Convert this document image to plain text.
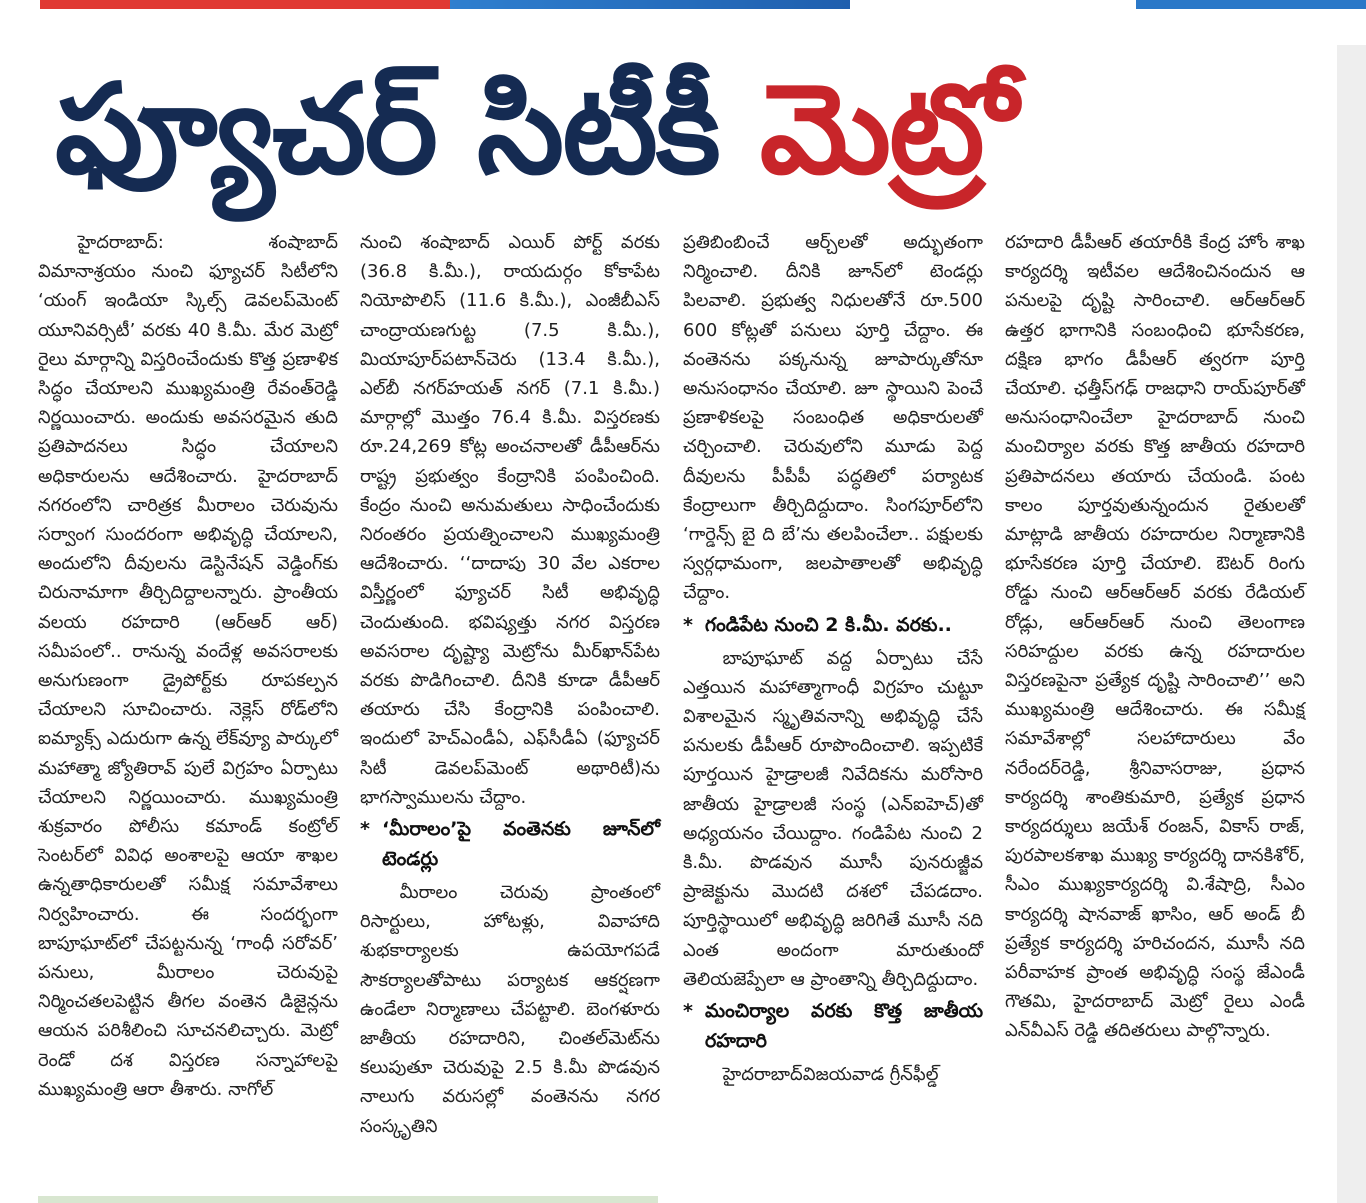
ఫ్యూచర్ సిటీకీ మెట్రో

హైదరాబాద్: శంషాబాద్ విమానాశ్రయం నుంచి ఫ్యూచర్ సిటీలోని ‘యంగ్ ఇండియా స్కిల్స్ డెవలప్‌మెంట్ యూనివర్సిటీ’ వరకు 40 కి.మీ. మేర మెట్రో రైలు మార్గాన్ని విస్తరించేందుకు కొత్త ప్రణాళిక సిద్ధం చేయాలని ముఖ్యమంత్రి రేవంత్‌రెడ్డి నిర్ణయించారు. అందుకు అవసరమైన తుది ప్రతిపాదనలు సిద్ధం చేయాలని అధికారులను ఆదేశించారు. హైదరాబాద్ నగరంలోని చారిత్రక మీరాలం చెరువును సర్వాంగ సుందరంగా అభివృద్ధి చేయాలని, అందులోని దీవులను డెస్టినేషన్ వెడ్డింగ్‌కు చిరునామాగా తీర్చిదిద్దాలన్నారు. ప్రాంతీయ వలయ రహదారి (ఆర్‌ఆర్ ఆర్) సమీపంలో.. రానున్న వందేళ్ల అవసరాలకు అనుగుణంగా డ్రైపోర్ట్‌కు రూపకల్పన చేయాలని సూచించారు. నెక్లెస్ రోడ్‌లోని ఐమ్యాక్స్ ఎదురుగా ఉన్న లేక్‌వ్యూ పార్కులో మహాత్మా జ్యోతిరావ్ పులే విగ్రహం ఏర్పాటు చేయాలని నిర్ణయించారు. ముఖ్యమంత్రి శుక్రవారం పోలీసు కమాండ్ కంట్రోల్ సెంటర్‌లో వివిధ అంశాలపై ఆయా శాఖల ఉన్నతాధికారులతో సమీక్ష సమావేశాలు నిర్వహించారు. ఈ సందర్భంగా బాపూఘాట్‌లో చేపట్టనున్న ‘గాంధీ సరోవర్’ పనులు, మీరాలం చెరువుపై నిర్మించతలపెట్టిన తీగల వంతెన డిజైన్లను ఆయన పరిశీలించి సూచనలిచ్చారు. మెట్రో రెండో దశ విస్తరణ సన్నాహాలపై ముఖ్యమంత్రి ఆరా తీశారు. నాగోల్

నుంచి శంషాబాద్ ఎయిర్ పోర్ట్ వరకు (36.8 కి.మీ.), రాయదుర్గం కోకాపేట నియోపొలిస్ (11.6 కి.మీ.), ఎంజీబీఎస్ చాంద్రాయణగుట్ట (7.5 కి.మీ.), మియాపూర్‌పటాన్‌చెరు (13.4 కి.మీ.), ఎల్‌బీ నగర్‌హయత్ నగర్ (7.1 కి.మీ.) మార్గాల్లో మొత్తం 76.4 కి.మీ. విస్తరణకు రూ.24,269 కోట్ల అంచనాలతో డీపీఆర్‌ను రాష్ట్ర ప్రభుత్వం కేంద్రానికి పంపించింది. కేంద్రం నుంచి అనుమతులు సాధించేందుకు నిరంతరం ప్రయత్నించాలని ముఖ్యమంత్రి ఆదేశించారు. ‘‘దాదాపు 30 వేల ఎకరాల విస్తీర్ణంలో ఫ్యూచర్ సిటీ అభివృద్ధి చెందుతుంది. భవిష్యత్తు నగర విస్తరణ అవసరాల దృష్ట్యా మెట్రోను మీర్‌ఖాన్‌పేట వరకు పొడిగించాలి. దీనికి కూడా డీపీఆర్ తయారు చేసి కేంద్రానికి పంపించాలి. ఇందులో హెచ్‌ఎండీఏ, ఎఫ్‌సీడీఏ (ఫ్యూచర్ సిటీ డెవలప్‌మెంట్ అథారిటీ)ను భాగస్వాములను చేద్దాం.

* ‘మీరాలం’పై వంతెనకు జూన్‌లో టెండర్లు

మీరాలం చెరువు ప్రాంతంలో రిసార్టులు, హోటళ్లు, వివాహాది శుభకార్యాలకు ఉపయోగపడే సౌకర్యాలతోపాటు పర్యాటక ఆకర్షణగా ఉండేలా నిర్మాణాలు చేపట్టాలి. బెంగళూరు జాతీయ రహదారిని, చింతల్‌మెట్‌ను కలుపుతూ చెరువుపై 2.5 కి.మీ పొడవున నాలుగు వరుసల్లో వంతెనను నగర సంస్కృతిని

ప్రతిబింబించే ఆర్చ్‌లతో అద్భుతంగా నిర్మించాలి. దీనికి జూన్‌లో టెండర్లు పిలవాలి. ప్రభుత్వ నిధులతోనే రూ.500 600 కోట్లతో పనులు పూర్తి చేద్దాం. ఈ వంతెనను పక్కనున్న జూపార్కుతోనూ అనుసంధానం చేయాలి. జూ స్థాయిని పెంచే ప్రణాళికలపై సంబంధిత అధికారులతో చర్చించాలి. చెరువులోని మూడు పెద్ద దీవులను పీపీపీ పద్ధతిలో పర్యాటక కేంద్రాలుగా తీర్చిదిద్దుదాం. సింగపూర్‌లోని ‘గార్డెన్స్ బై ది బే’ను తలపించేలా.. పక్షులకు స్వర్గధామంగా, జలపాతాలతో అభివృద్ధి చేద్దాం.

* గండిపేట నుంచి 2 కి.మీ. వరకు..

బాపూఘాట్ వద్ద ఏర్పాటు చేసే ఎత్తయిన మహాత్మాగాంధీ విగ్రహం చుట్టూ విశాలమైన స్మృతివనాన్ని అభివృద్ధి చేసే పనులకు డీపీఆర్ రూపొందించాలి. ఇప్పటికే పూర్తయిన హైడ్రాలజీ నివేదికను మరోసారి జాతీయ హైడ్రాలజీ సంస్థ (ఎన్‌ఐహెచ్)తో అధ్యయనం చేయిద్దాం. గండిపేట నుంచి 2 కి.మీ. పొడవున మూసీ పునరుజ్జీవ ప్రాజెక్టును మొదటి దశలో చేపడదాం. పూర్తిస్థాయిలో అభివృద్ధి జరిగితే మూసీ నది ఎంత అందంగా మారుతుందో తెలియజెప్పేలా ఆ ప్రాంతాన్ని తీర్చిదిద్దుదాం.

* మంచిర్యాల వరకు కొత్త జాతీయ రహదారి

హైదరాబాద్‌విజయవాడ గ్రీన్‌ఫీల్డ్

రహదారి డీపీఆర్ తయారీకి కేంద్ర హోం శాఖ కార్యదర్శి ఇటీవల ఆదేశించినందున ఆ పనులపై దృష్టి సారించాలి. ఆర్‌ఆర్‌ఆర్ ఉత్తర భాగానికి సంబంధించి భూసేకరణ, దక్షిణ భాగం డీపీఆర్ త్వరగా పూర్తి చేయాలి. ఛత్తీస్‌గఢ్ రాజధాని రాయ్‌పూర్‌తో అనుసంధానించేలా హైదరాబాద్ నుంచి మంచిర్యాల వరకు కొత్త జాతీయ రహదారి ప్రతిపాదనలు తయారు చేయండి. పంట కాలం పూర్తవుతున్నందున రైతులతో మాట్లాడి జాతీయ రహదారుల నిర్మాణానికి భూసేకరణ పూర్తి చేయాలి. ఔటర్ రింగు రోడ్డు నుంచి ఆర్‌ఆర్‌ఆర్ వరకు రేడియల్ రోడ్లు, ఆర్‌ఆర్‌ఆర్ నుంచి తెలంగాణ సరిహద్దుల వరకు ఉన్న రహదారుల విస్తరణపైనా ప్రత్యేక దృష్టి సారించాలి’’ అని ముఖ్యమంత్రి ఆదేశించారు. ఈ సమీక్ష సమావేశాల్లో సలహాదారులు వేం నరేందర్‌రెడ్డి, శ్రీనివాసరాజు, ప్రధాన కార్యదర్శి శాంతికుమారి, ప్రత్యేక ప్రధాన కార్యదర్శులు జయేశ్ రంజన్, వికాస్ రాజ్, పురపాలకశాఖ ముఖ్య కార్యదర్శి దానకిశోర్, సీఎం ముఖ్యకార్యదర్శి వి.శేషాద్రి, సీఎం కార్యదర్శి షానవాజ్ ఖాసిం, ఆర్ అండ్ బీ ప్రత్యేక కార్యదర్శి హరిచందన, మూసీ నది పరీవాహక ప్రాంత అభివృద్ధి సంస్థ జేఎండీ గౌతమి, హైదరాబాద్ మెట్రో రైలు ఎండీ ఎన్‌వీఎస్ రెడ్డి తదితరులు పాల్గొన్నారు.
